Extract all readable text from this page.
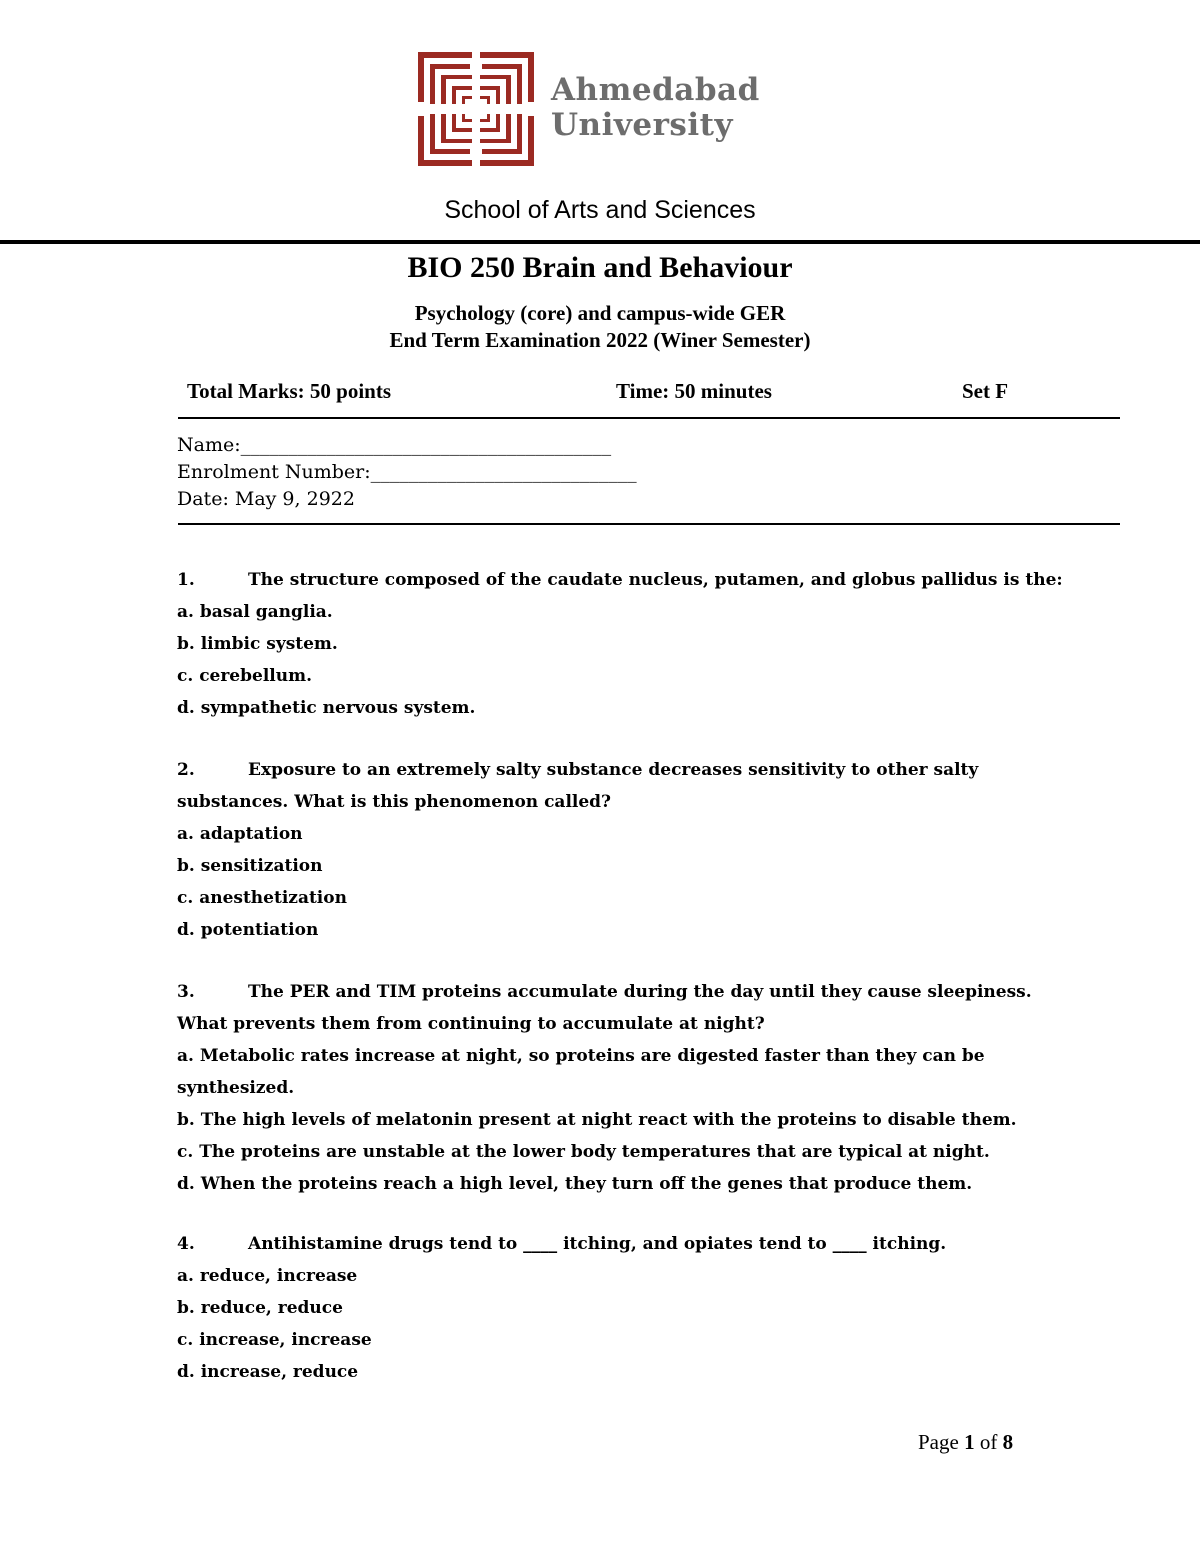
Ahmedabad
University
School of Arts and Sciences
BIO 250 Brain and Behaviour
Psychology (core) and campus-wide GER
End Term Examination 2022 (Winer Semester)
Total Marks: 50 points	Time: 50 minutes	Set F
Name:_______________________________________
Enrolment Number:____________________________
Date: May 9, 2922
1.	The structure composed of the caudate nucleus, putamen, and globus pallidus is the:
a. basal ganglia.
b. limbic system.
c. cerebellum.
d. sympathetic nervous system.
2.	Exposure to an extremely salty substance decreases sensitivity to other salty
substances. What is this phenomenon called?
a. adaptation
b. sensitization
c. anesthetization
d. potentiation
3.	The PER and TIM proteins accumulate during the day until they cause sleepiness.
What prevents them from continuing to accumulate at night?
a. Metabolic rates increase at night, so proteins are digested faster than they can be
synthesized.
b. The high levels of melatonin present at night react with the proteins to disable them.
c. The proteins are unstable at the lower body temperatures that are typical at night.
d. When the proteins reach a high level, they turn off the genes that produce them.
4.	Antihistamine drugs tend to ____ itching, and opiates tend to ____ itching.
a. reduce, increase
b. reduce, reduce
c. increase, increase
d. increase, reduce
Page 1 of 8
